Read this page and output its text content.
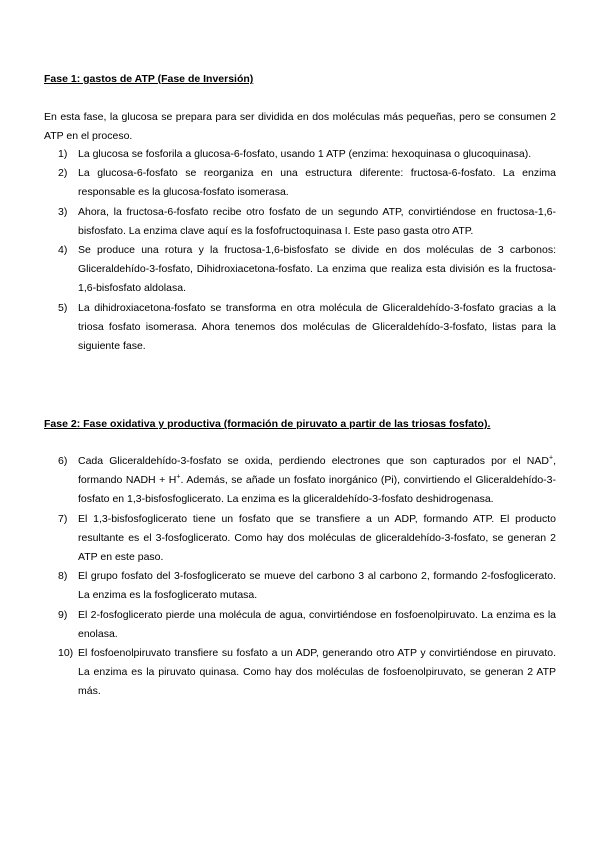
Fase 1: gastos de ATP (Fase de Inversión)

En esta fase, la glucosa se prepara para ser dividida en dos moléculas más pequeñas, pero se consumen 2 ATP en el proceso.

1)	La glucosa se fosforila a glucosa-6-fosfato, usando 1 ATP (enzima: hexoquinasa o glucoquinasa).
2)	La glucosa-6-fosfato se reorganiza en una estructura diferente: fructosa-6-fosfato. La enzima responsable es la glucosa-fosfato isomerasa.
3)	Ahora, la fructosa-6-fosfato recibe otro fosfato de un segundo ATP, convirtiéndose en fructosa-1,6-bisfosfato. La enzima clave aquí es la fosfofructoquinasa I. Este paso gasta otro ATP.
4)	Se produce una rotura y la fructosa-1,6-bisfosfato se divide en dos moléculas de 3 carbonos: Gliceraldehído-3-fosfato, Dihidroxiacetona-fosfato. La enzima que realiza esta división es la fructosa-1,6-bisfosfato aldolasa.
5)	La dihidroxiacetona-fosfato se transforma en otra molécula de Gliceraldehído-3-fosfato gracias a la triosa fosfato isomerasa. Ahora tenemos dos moléculas de Gliceraldehído-3-fosfato, listas para la siguiente fase.
Fase 2: Fase oxidativa y productiva (formación de piruvato a partir de las triosas fosfato).
6)	Cada Gliceraldehído-3-fosfato se oxida, perdiendo electrones que son capturados por el NAD+, formando NADH + H+. Además, se añade un fosfato inorgánico (Pi), convirtiendo el Gliceraldehído-3-fosfato en 1,3-bisfosfoglicerato. La enzima es la gliceraldehído-3-fosfato deshidrogenasa.
7)	El 1,3-bisfosfoglicerato tiene un fosfato que se transfiere a un ADP, formando ATP. El producto resultante es el 3-fosfoglicerato. Como hay dos moléculas de gliceraldehído-3-fosfato, se generan 2 ATP en este paso.
8)	El grupo fosfato del 3-fosfoglicerato se mueve del carbono 3 al carbono 2, formando 2-fosfoglicerato. La enzima es la fosfoglicerato mutasa.
9)	El 2-fosfoglicerato pierde una molécula de agua, convirtiéndose en fosfoenolpiruvato. La enzima es la enolasa.
10) El fosfoenolpiruvato transfiere su fosfato a un ADP, generando otro ATP y convirtiéndose en piruvato. La enzima es la piruvato quinasa. Como hay dos moléculas de fosfoenolpiruvato, se generan 2 ATP más.
